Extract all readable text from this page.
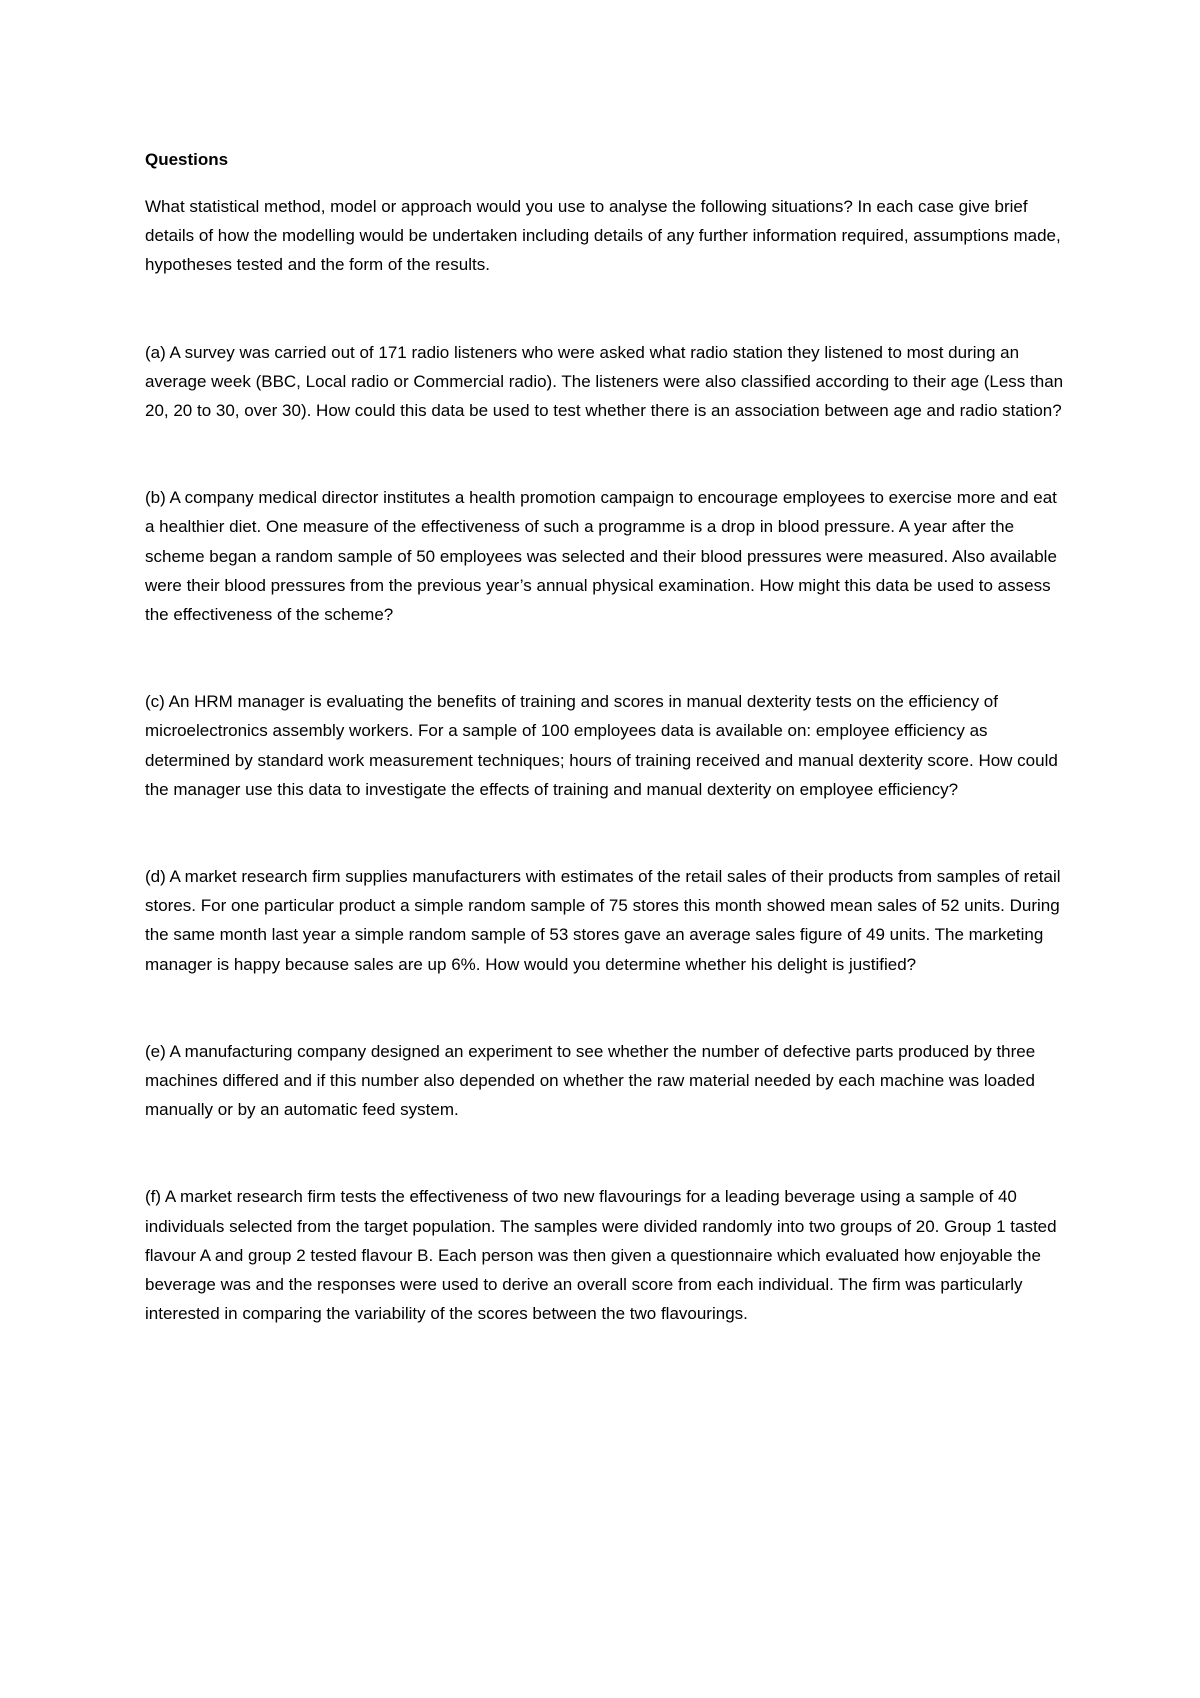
Questions

What statistical method, model or approach would you use to analyse the following situations? In each case give brief details of how the modelling would be undertaken including details of any further information required, assumptions made, hypotheses tested and the form of the results.

(a) A survey was carried out of 171 radio listeners who were asked what radio station they listened to most during an average week (BBC, Local radio or Commercial radio). The listeners were also classified according to their age (Less than 20, 20 to 30, over 30). How could this data be used to test whether there is an association between age and radio station?

(b) A company medical director institutes a health promotion campaign to encourage employees to exercise more and eat a healthier diet. One measure of the effectiveness of such a programme is a drop in blood pressure. A year after the scheme began a random sample of 50 employees was selected and their blood pressures were measured. Also available were their blood pressures from the previous year’s annual physical examination. How might this data be used to assess the effectiveness of the scheme?

(c) An HRM manager is evaluating the benefits of training and scores in manual dexterity tests on the efficiency of microelectronics assembly workers. For a sample of 100 employees data is available on: employee efficiency as determined by standard work measurement techniques; hours of training received and manual dexterity score. How could the manager use this data to investigate the effects of training and manual dexterity on employee efficiency?

(d) A market research firm supplies manufacturers with estimates of the retail sales of their products from samples of retail stores. For one particular product a simple random sample of 75 stores this month showed mean sales of 52 units. During the same month last year a simple random sample of 53 stores gave an average sales figure of 49 units. The marketing manager is happy because sales are up 6%. How would you determine whether his delight is justified?

(e) A manufacturing company designed an experiment to see whether the number of defective parts produced by three machines differed and if this number also depended on whether the raw material needed by each machine was loaded manually or by an automatic feed system.

(f) A market research firm tests the effectiveness of two new flavourings for a leading beverage using a sample of 40 individuals selected from the target population. The samples were divided randomly into two groups of 20. Group 1 tasted flavour A and group 2 tested flavour B. Each person was then given a questionnaire which evaluated how enjoyable the beverage was and the responses were used to derive an overall score from each individual. The firm was particularly interested in comparing the variability of the scores between the two flavourings.
